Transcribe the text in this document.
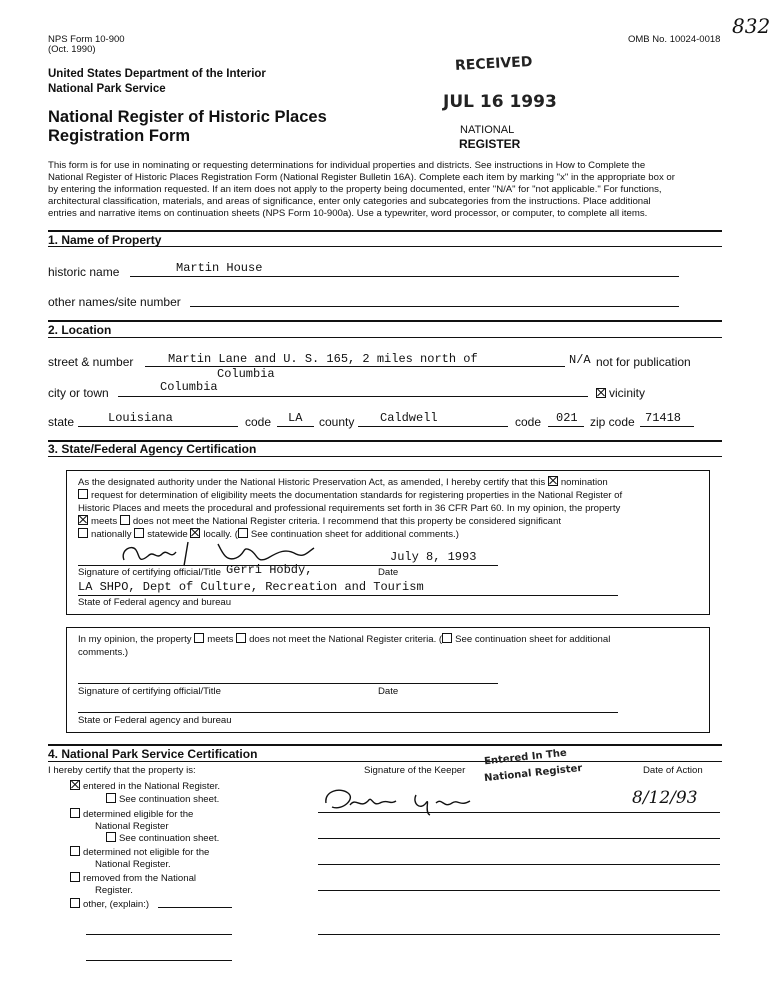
NPS Form 10-900
(Oct. 1990)
OMB No. 10024-0018
832
United States Department of the Interior
National Park Service
National Register of Historic Places
Registration Form
RECEIVED
JUL 16 1993
NATIONAL
REGISTER
This form is for use in nominating or requesting determinations for individual properties and districts. See instructions in How to Complete the
National Register of Historic Places Registration Form (National Register Bulletin 16A). Complete each item by marking "x" in the appropriate box or
by entering the information requested. If an item does not apply to the property being documented, enter "N/A" for "not applicable." For functions,
architectural classification, materials, and areas of significance, enter only categories and subcategories from the instructions. Place additional
entries and narrative items on continuation sheets (NPS Form 10-900a). Use a typewriter, word processor, or computer, to complete all items.
1. Name of Property
historic name	Martin House
other names/site number
2. Location
street & number	Martin Lane and U. S. 165, 2 miles north of
Columbia
N/A not for publication
city or town	Columbia	vicinity
state	Louisiana	code LA county Caldwell	code 021 zip code 71418
3. State/Federal Agency Certification
As the designated authority under the National Historic Preservation Act, as amended, I hereby certify that this nomination
request for determination of eligibility meets the documentation standards for registering properties in the National Register of
Historic Places and meets the procedural and professional requirements set forth in 36 CFR Part 60. In my opinion, the property
meets does not meet the National Register criteria. I recommend that this property be considered significant
nationally statewide locally. ( See continuation sheet for additional comments.)
July 8, 1993
Signature of certifying official/Title Gerri Hobdy,	Date
LA SHPO, Dept of Culture, Recreation and Tourism
State of Federal agency and bureau
In my opinion, the property meets does not meet the National Register criteria. ( See continuation sheet for additional
comments.)
Signature of certifying official/Title	Date
State or Federal agency and bureau
4. National Park Service Certification
I hereby certify that the property is:	Signature of the Keeper	Date of Action
Entered In The
National Register
8/12/93
entered in the National Register.
See continuation sheet.
determined eligible for the
National Register
See continuation sheet.
determined not eligible for the
National Register.
removed from the National
Register.
other, (explain:)
